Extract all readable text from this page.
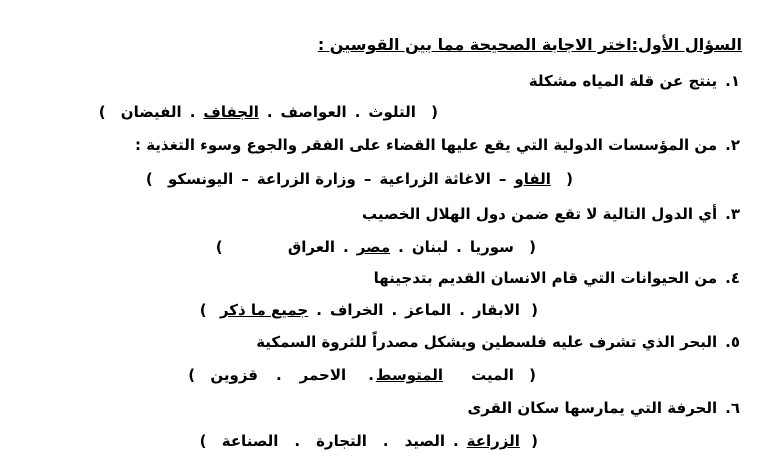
السؤال الأول:اختر الاجابة الصحيحة مما بين القوسين :
١.ينتج عن قلة المياه مشكلة
( التلوث.العواصف.الجفاف.الفيضان )
٢.من المؤسسات الدولية التي يقع عليها القضاء على الفقر والجوع وسوء التغذية :
( الفاو–الاغاثة الزراعية–وزارة الزراعة–اليونسكو )
٣.أي الدول التالية لا تقع ضمن دول الهلال الخصيب
( سوريا.لبنان.مصر.العراق )
٤.من الحيوانات التي قام الانسان القديم بتدجينها
( الابقار.الماعز.الخراف.جميع ما ذكر )
٥.البحر الذي تشرف عليه فلسطين ويشكل مصدراً للثروة السمكية
( الميتالمتوسط.الاحمر.قزوين )
٦.الحرفة التي يمارسها سكان القرى
( الزراعة.الصيد.التجارة.الصناعة )
